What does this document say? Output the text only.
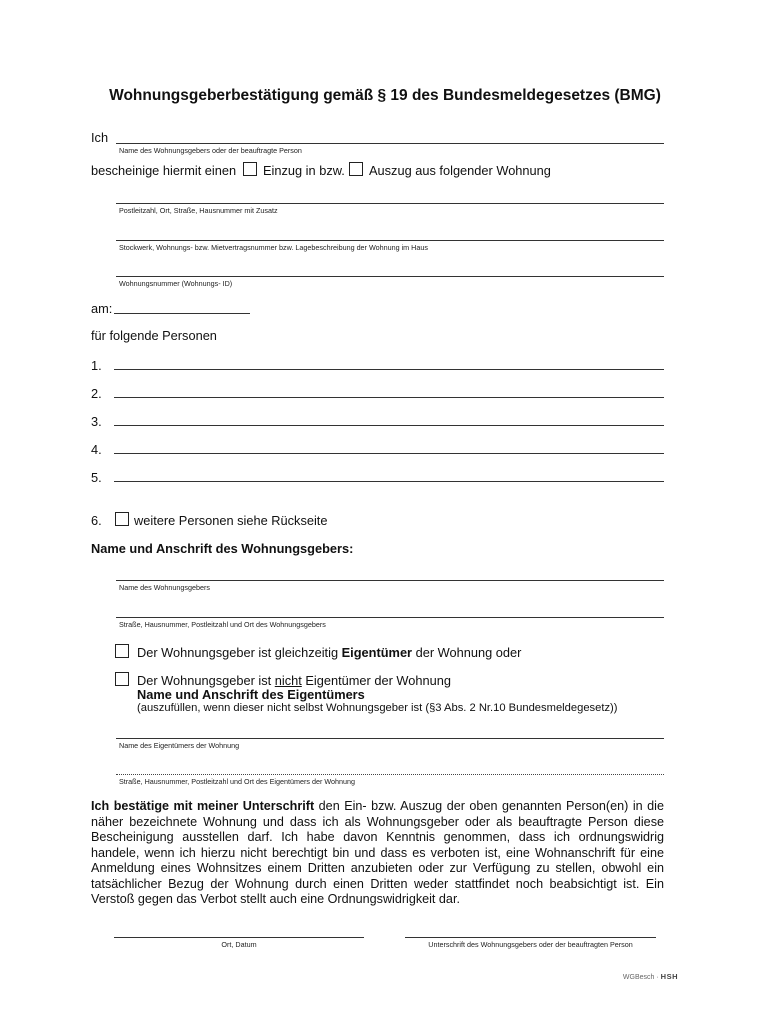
Wohnungsgeberbestätigung gemäß § 19 des Bundesmeldegesetzes (BMG)
Ich
Name des Wohnungsgebers oder der beauftragte Person
bescheinige hiermit einen Einzug in bzw. Auszug aus folgender Wohnung
Postleitzahl, Ort, Straße, Hausnummer mit Zusatz
Stockwerk, Wohnungs- bzw. Mietvertragsnummer bzw. Lagebeschreibung der Wohnung im Haus
Wohnungsnummer (Wohnungs- ID)
am:
für folgende Personen
1.
2.
3.
4.
5.
6.	weitere Personen siehe Rückseite
Name und Anschrift des Wohnungsgebers:
Name des Wohnungsgebers
Straße, Hausnummer, Postleitzahl und Ort des Wohnungsgebers
Der Wohnungsgeber ist gleichzeitig Eigentümer der Wohnung oder
Der Wohnungsgeber ist nicht Eigentümer der Wohnung
Name und Anschrift des Eigentümers
(auszufüllen, wenn dieser nicht selbst Wohnungsgeber ist (§3 Abs. 2 Nr.10 Bundesmeldegesetz))
Name des Eigentümers der Wohnung
Straße, Hausnummer, Postleitzahl und Ort des Eigentümers der Wohnung
Ich bestätige mit meiner Unterschrift den Ein- bzw. Auszug der oben genannten Person(en) in die näher bezeichnete Wohnung und dass ich als Wohnungsgeber oder als beauftragte Person diese Bescheinigung ausstellen darf. Ich habe davon Kenntnis genommen, dass ich ordnungswidrig handele, wenn ich hierzu nicht berechtigt bin und dass es verboten ist, eine Wohnanschrift für eine Anmeldung eines Wohnsitzes einem Dritten anzubieten oder zur Verfügung zu stellen, obwohl ein tatsächlicher Bezug der Wohnung durch einen Dritten weder stattfindet noch beabsichtigt ist. Ein Verstoß gegen das Verbot stellt auch eine Ordnungswidrigkeit dar.
Ort, Datum	Unterschrift des Wohnungsgebers oder der beauftragten Person
WGBesch · HSH
